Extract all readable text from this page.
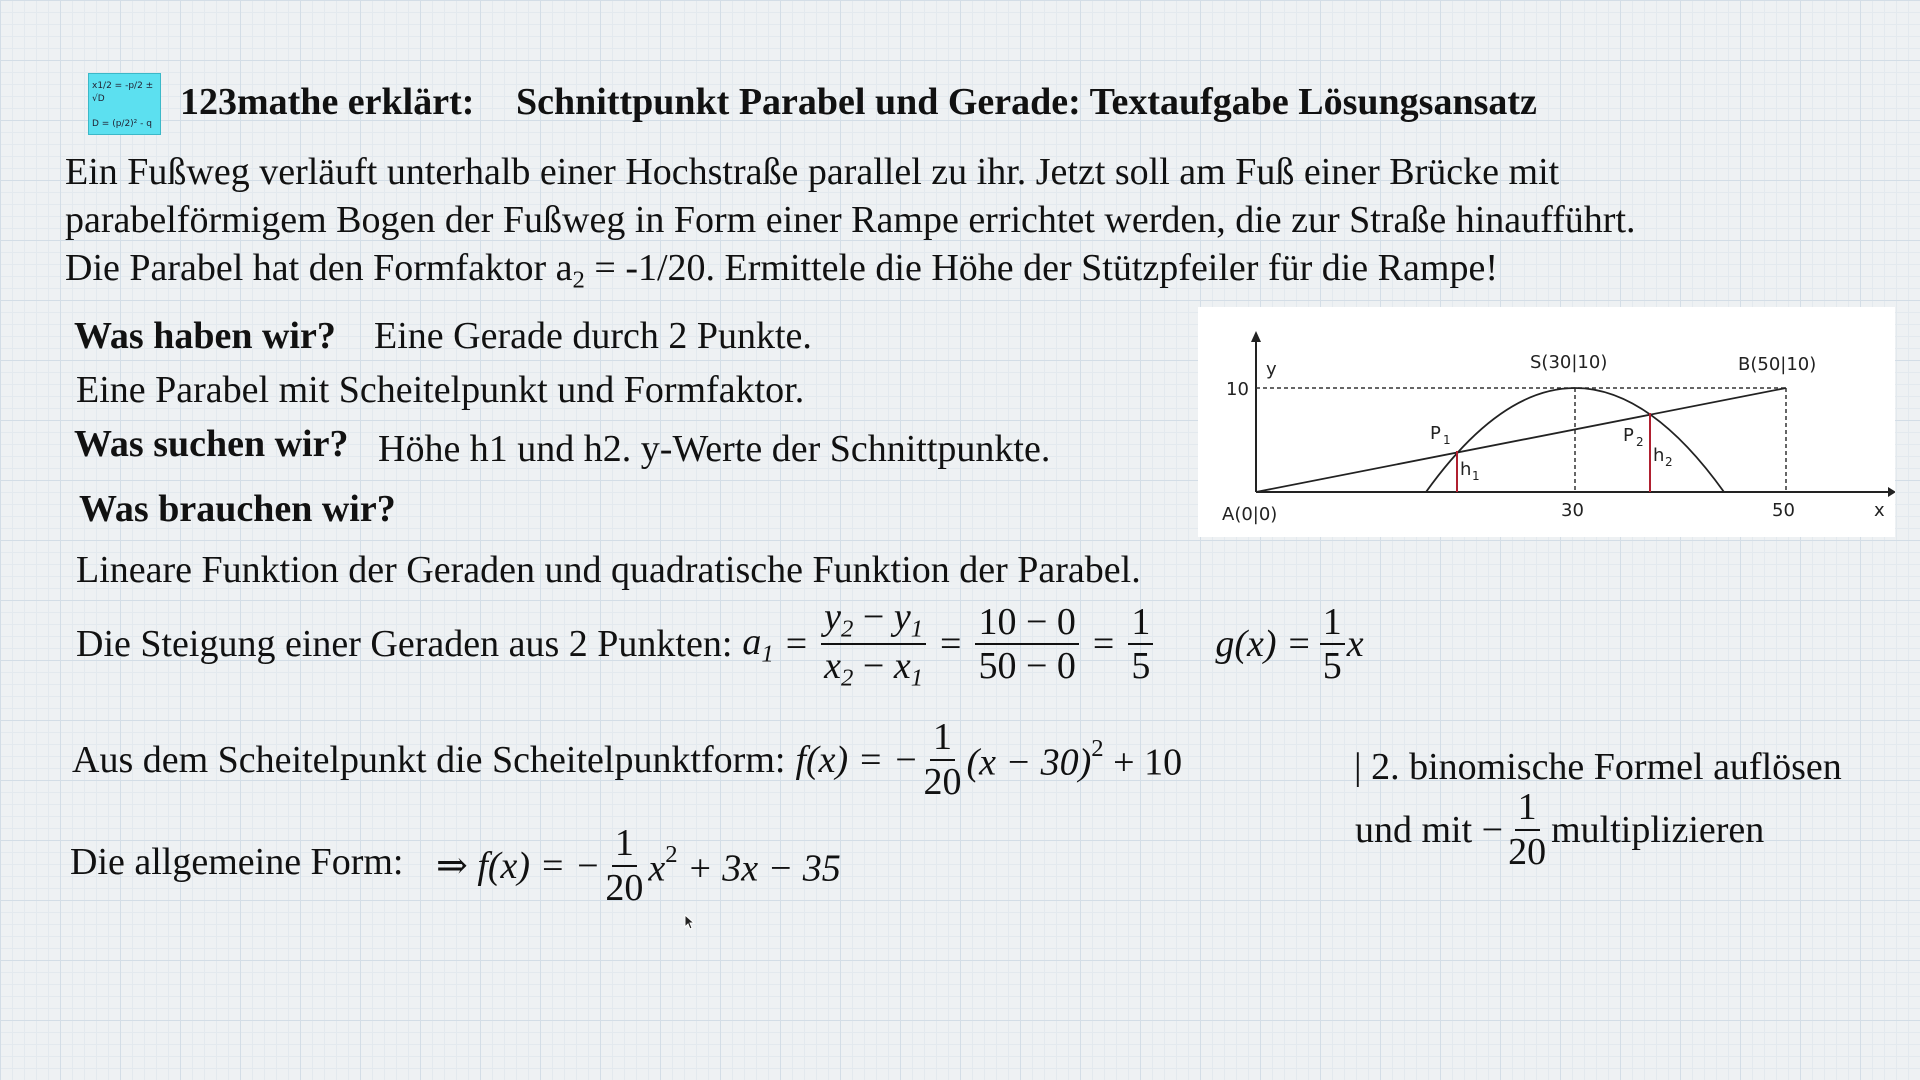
x1/2 = -p/2 ± √D
D = (p/2)² - q
123mathe erklärt: Schnittpunkt Parabel und Gerade: Textaufgabe Lösungsansatz
Ein Fußweg verläuft unterhalb einer Hochstraße parallel zu ihr. Jetzt soll am Fuß einer Brücke mit
parabelförmigem Bogen der Fußweg in Form einer Rampe errichtet werden, die zur Straße hinaufführt.
Die Parabel hat den Formfaktor $a_2 = -1/20$. Ermittele die Höhe der Stützpfeiler für die Rampe!
Was haben wir? Eine Gerade durch 2 Punkte.
Eine Parabel mit Scheitelpunkt und Formfaktor.
Was suchen wir? Höhe h1 und h2. y-Werte der Schnittpunkte.
Was brauchen wir?
Lineare Funktion der Geraden und quadratische Funktion der Parabel.
Die Steigung einer Geraden aus 2 Punkten: $a_1 = \frac{y_2 - y_1}{x_2 - x_1} = \frac{10 - 0}{50 - 0} = \frac{1}{5} g(x) = \frac{1}{5}$ x
Aus dem Scheitelpunkt die Scheitelpunktform: f(x) = − $\frac{1}{20} (x - 30)^2 + 10$	| 2. binomische Formel auflösen
und mit − $\frac{1}{20}$ multiplizieren
Die allgemeine Form: ⇒ f(x) = − $\frac{1}{20} x^2 + 3x - 35$
10
y
x
A(0|0)	30	50
S(30|10)	B(50|10)
P 1	P 2
h 1
h 2
